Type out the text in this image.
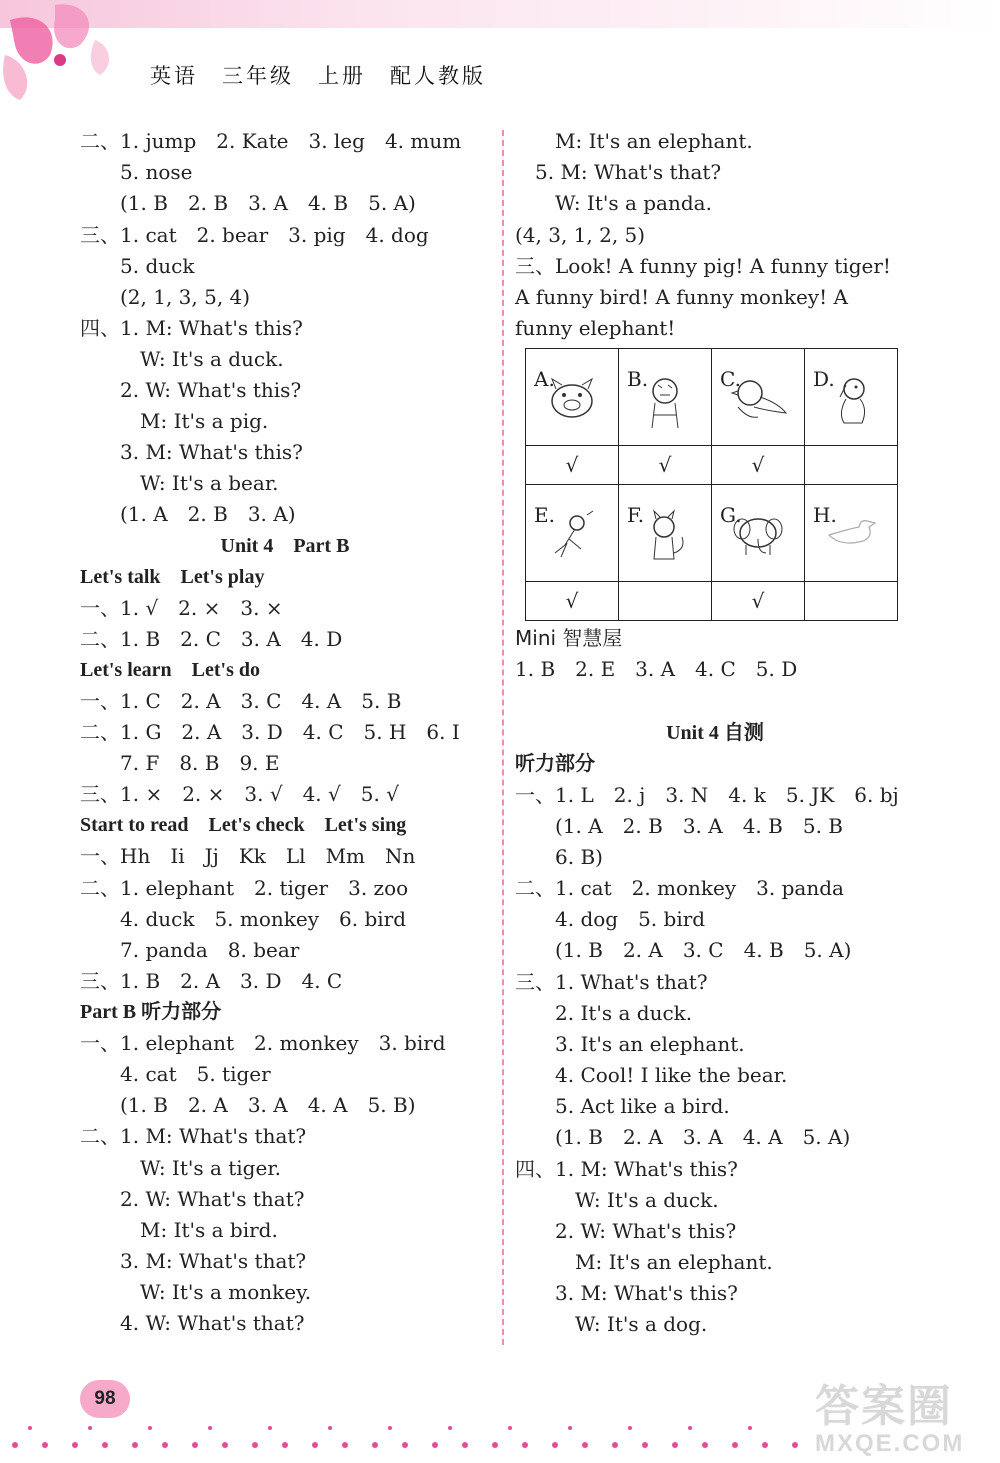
英语　三年级　上册　配人教版
二、1. jump　2. Kate　3. leg　4. mum
　　5. nose
　　(1. B　2. B　3. A　4. B　5. A)
三、1. cat　2. bear　3. pig　4. dog
　　5. duck
　　(2, 1, 3, 5, 4)
四、1. M: What's this?
　　　W: It's a duck.
　　2. W: What's this?
　　　M: It's a pig.
　　3. M: What's this?
　　　W: It's a bear.
　　(1. A　2. B　3. A)
Unit 4　Part B
Let's talk　Let's play
一、1. √　2. ×　3. ×
二、1. B　2. C　3. A　4. D
Let's learn　Let's do
一、1. C　2. A　3. C　4. A　5. B
二、1. G　2. A　3. D　4. C　5. H　6. I
　　7. F　8. B　9. E
三、1. ×　2. ×　3. √　4. √　5. √
Start to read　Let's check　Let's sing
一、Hh　Ii　Jj　Kk　Ll　Mm　Nn
二、1. elephant　2. tiger　3. zoo
　　4. duck　5. monkey　6. bird
　　7. panda　8. bear
三、1. B　2. A　3. D　4. C
Part B 听力部分
一、1. elephant　2. monkey　3. bird
　　4. cat　5. tiger
　　(1. B　2. A　3. A　4. A　5. B)
二、1. M: What's that?
　　　W: It's a tiger.
　　2. W: What's that?
　　　M: It's a bird.
　　3. M: What's that?
　　　W: It's a monkey.
　　4. W: What's that?
　　M: It's an elephant.
　5. M: What's that?
　　W: It's a panda.
(4, 3, 1, 2, 5)
三、Look! A funny pig! A funny tiger!
A funny bird! A funny monkey! A
funny elephant!
A.	B.	C.	D.

√	√	√	
E.	F.	G.	H.

√		√	
Mini 智慧屋
1. B　2. E　3. A　4. C　5. D
Unit 4 自测
听力部分
一、1. L　2. j　3. N　4. k　5. JK　6. bj
　　(1. A　2. B　3. A　4. B　5. B
　　6. B)
二、1. cat　2. monkey　3. panda
　　4. dog　5. bird
　　(1. B　2. A　3. C　4. B　5. A)
三、1. What's that?
　　2. It's a duck.
　　3. It's an elephant.
　　4. Cool! I like the bear.
　　5. Act like a bird.
　　(1. B　2. A　3. A　4. A　5. A)
四、1. M: What's this?
　　　W: It's a duck.
　　2. W: What's this?
　　　M: It's an elephant.
　　3. M: What's this?
　　　W: It's a dog.
98	答案圈
MXQE.COM
